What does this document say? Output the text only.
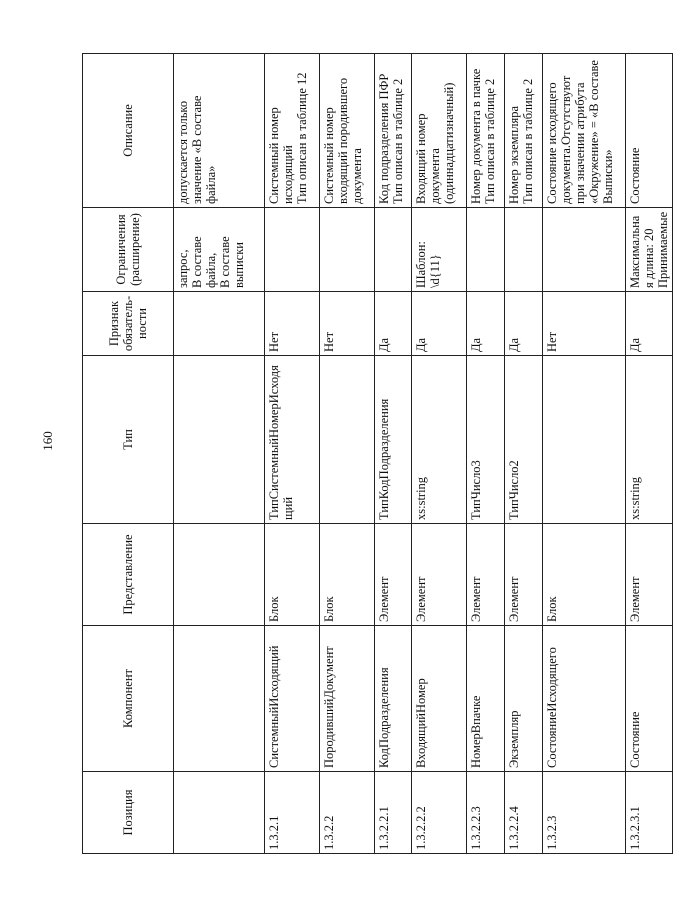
160
Позиция	Компонент	Представление	Тип	Признак обязатель-ности	Ограничения (расширение)	Описание
					запрос,
В составе файла,
В составе выписки	допускается только значение «В составе файла»
1.3.2.1	СистемныйИсходящий	Блок	ТипСистемныйНомерИсходящий	Нет		Системный номер исходящий
Тип описан в таблице 12
1.3.2.2	ПородившийДокумент	Блок		Нет		Системный номер входящий породившего документа
1.3.2.2.1	КодПодразделения	Элемент	ТипКодПодразделения	Да		Код подразделения ПФР
Тип описан в таблице 2
1.3.2.2.2	ВходящийНомер	Элемент	xs:string	Да	Шаблон: \d{11}	Входящий номер документа (одиннадцатизначный)
1.3.2.2.3	НомерВпачке	Элемент	ТипЧисло3	Да		Номер документа в пачке
Тип описан в таблице 2
1.3.2.2.4	Экземпляр	Элемент	ТипЧисло2	Да		Номер экземпляра
Тип описан в таблице 2
1.3.2.3	СостояниеИсходящего	Блок		Нет		Состояние исходящего документа.Отсутствуют при значении атрибута «Окружение» = «В составе Выписки»
1.3.2.3.1	Состояние	Элемент	xs:string	Да	Максимальная длина: 20
Принимаемые	Состояние
